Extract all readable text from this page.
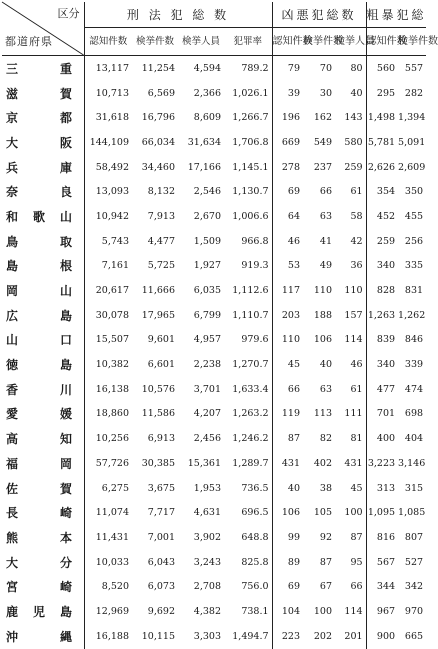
区分
都道府県	刑 法 犯 総 数				凶悪犯総数			粗暴犯総	
	認知件数	検挙件数	検挙人員	犯罪率	認知件数	検挙件数	検挙人員	認知件数	検挙件数

三 重	13,117	11,254	4,594	789.2	79	70	80	560	557

滋 賀	10,713	6,569	2,366	1,026.1	39	30	40	295	282

京 都	31,618	16,796	8,609	1,266.7	196	162	143	1,498	1,394

大 阪	144,109	66,034	31,634	1,706.8	669	549	580	5,781	5,091

兵 庫	58,492	34,460	17,166	1,145.1	278	237	259	2,626	2,609

奈 良	13,093	8,132	2,546	1,130.7	69	66	61	354	350

和 歌 山	10,942	7,913	2,670	1,006.6	64	63	58	452	455

鳥 取	5,743	4,477	1,509	966.8	46	41	42	259	256

島 根	7,161	5,725	1,927	919.3	53	49	36	340	335

岡 山	20,617	11,666	6,035	1,112.6	117	110	110	828	831

広 島	30,078	17,965	6,799	1,110.7	203	188	157	1,263	1,262

山 口	15,507	9,601	4,957	979.6	110	106	114	839	846

徳 島	10,382	6,601	2,238	1,270.7	45	40	46	340	339

香 川	16,138	10,576	3,701	1,633.4	66	63	61	477	474

愛 媛	18,860	11,586	4,207	1,263.2	119	113	111	701	698

高 知	10,256	6,913	2,456	1,246.2	87	82	81	400	404

福 岡	57,726	30,385	15,361	1,289.7	431	402	431	3,223	3,146

佐 賀	6,275	3,675	1,953	736.5	40	38	45	313	315

長 崎	11,074	7,717	4,631	696.5	106	105	100	1,095	1,085

熊 本	11,431	7,001	3,902	648.8	99	92	87	816	807

大 分	10,033	6,043	3,243	825.8	89	87	95	567	527

宮 崎	8,520	6,073	2,708	756.0	69	67	66	344	342

鹿 児 島	12,969	9,692	4,382	738.1	104	100	114	967	970

沖 縄	16,188	10,115	3,303	1,494.7	223	202	201	900	665
